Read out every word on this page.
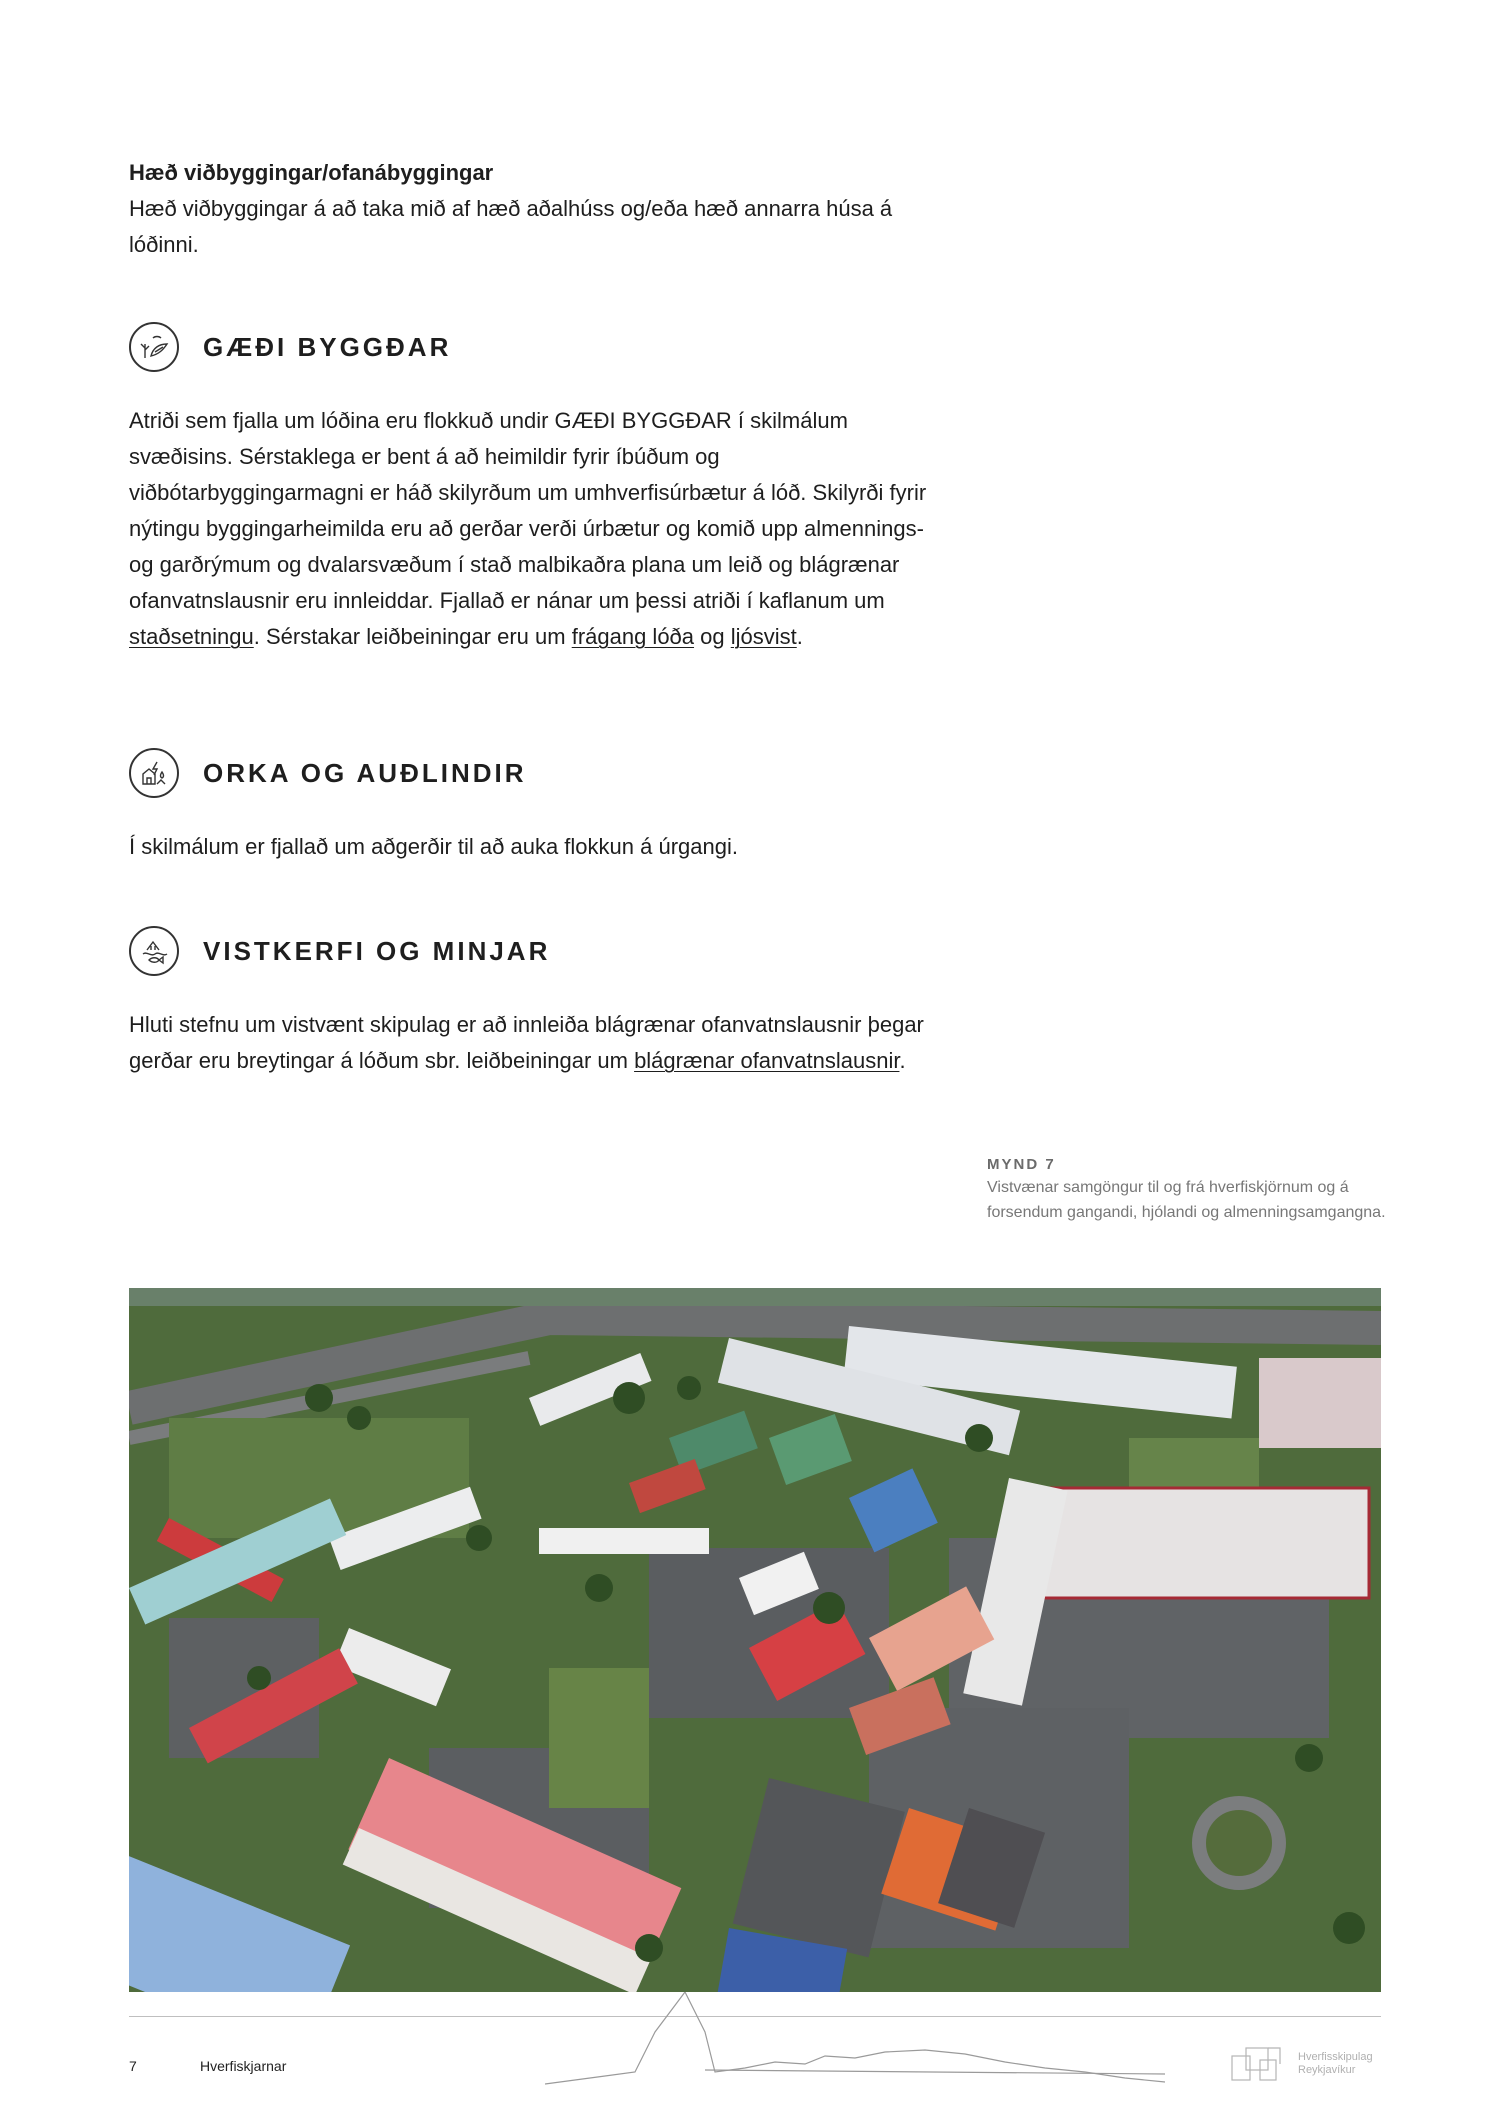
Hæð viðbyggingar/ofanábyggingar
Hæð viðbyggingar á að taka mið af hæð aðalhúss og/eða hæð annarra húsa á lóðinni.
GÆÐI BYGGÐAR
Atriði sem fjalla um lóðina eru flokkuð undir GÆÐI BYGGÐAR í skilmálum svæðisins. Sérstaklega er bent á að heimildir fyrir íbúðum og viðbótarbyggingarmagni er háð skilyrðum um umhverfisúrbætur á lóð. Skilyrði fyrir nýtingu byggingarheimilda eru að gerðar verði úrbætur og komið upp almennings- og garðrýmum og dvalarsvæðum í stað malbikaðra plana um leið og blágrænar ofanvatnslausnir eru innleiddar. Fjallað er nánar um þessi atriði í kaflanum um staðsetningu. Sérstakar leiðbeiningar eru um frágang lóða og ljósvist.
ORKA OG AUÐLINDIR
Í skilmálum er fjallað um aðgerðir til að auka flokkun á úrgangi.
VISTKERFI OG MINJAR
Hluti stefnu um vistvænt skipulag er að innleiða blágrænar ofanvatnslausnir þegar gerðar eru breytingar á lóðum sbr. leiðbeiningar um blágrænar ofanvatnslausnir.
MYND 7
Vistvænar samgöngur til og frá hverfiskjörnum og á forsendum gangandi, hjólandi og almenningsamgangna.
7	Hverfiskjarnar
Hverfisskipulag
Reykjavíkur
